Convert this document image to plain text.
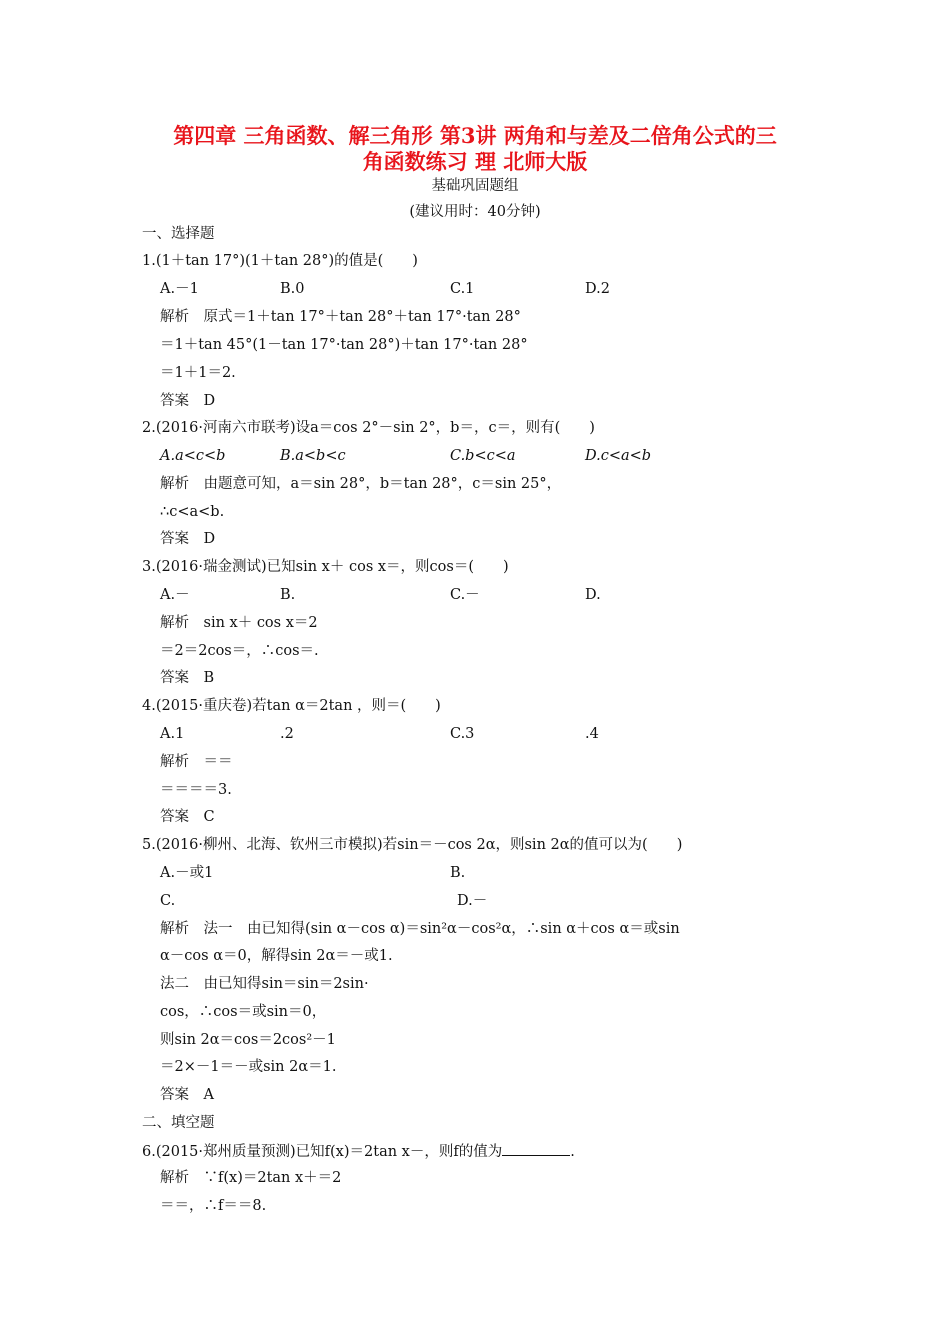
第四章 三角函数、解三角形 第3讲 两角和与差及二倍角公式的三
角函数练习 理 北师大版
基础巩固题组
(建议用时：40分钟)
一、选择题
1.(1＋tan 17°)(1＋tan 28°)的值是(　　)
A.－1	B.0	C.1	D.2
解析　原式＝1＋tan 17°＋tan 28°＋tan 17°·tan 28°
＝1＋tan 45°(1－tan 17°·tan 28°)＋tan 17°·tan 28°
＝1＋1＝2.
答案　D
2.(2016·河南六市联考)设a＝cos 2°－sin 2°，b＝，c＝，则有(　　)
A.a<c<b	B.a<b<c	C.b<c<a	D.c<a<b
解析　由题意可知，a＝sin 28°，b＝tan 28°，c＝sin 25°，
∴c<a<b.
答案　D
3.(2016·瑞金测试)已知sin x＋ cos x＝，则cos＝(　　)
A.－	B.	C.－	D.
解析　sin x＋ cos x＝2
＝2＝2cos＝，∴cos＝.
答案　B
4.(2015·重庆卷)若tan α＝2tan ，则＝(　　)
A.1	.2	C.3	.4
解析　＝＝
＝＝＝＝3.
答案　C
5.(2016·柳州、北海、钦州三市模拟)若sin＝－cos 2α，则sin 2α的值可以为(　　)
A.－或1	B.
C.	D.－
解析　法一　由已知得(sin α－cos α)＝sin²α－cos²α，∴sin α＋cos α＝或sin
α－cos α＝0，解得sin 2α＝－或1.
法二　由已知得sin＝sin＝2sin·
cos，∴cos＝或sin＝0，
则sin 2α＝cos＝2cos²－1
＝2×－1＝－或sin 2α＝1.
答案　A
二、填空题
6.(2015·郑州质量预测)已知f(x)＝2tan x－，则f的值为	.
解析　∵f(x)＝2tan x＋＝2
＝＝，∴f＝＝8.
